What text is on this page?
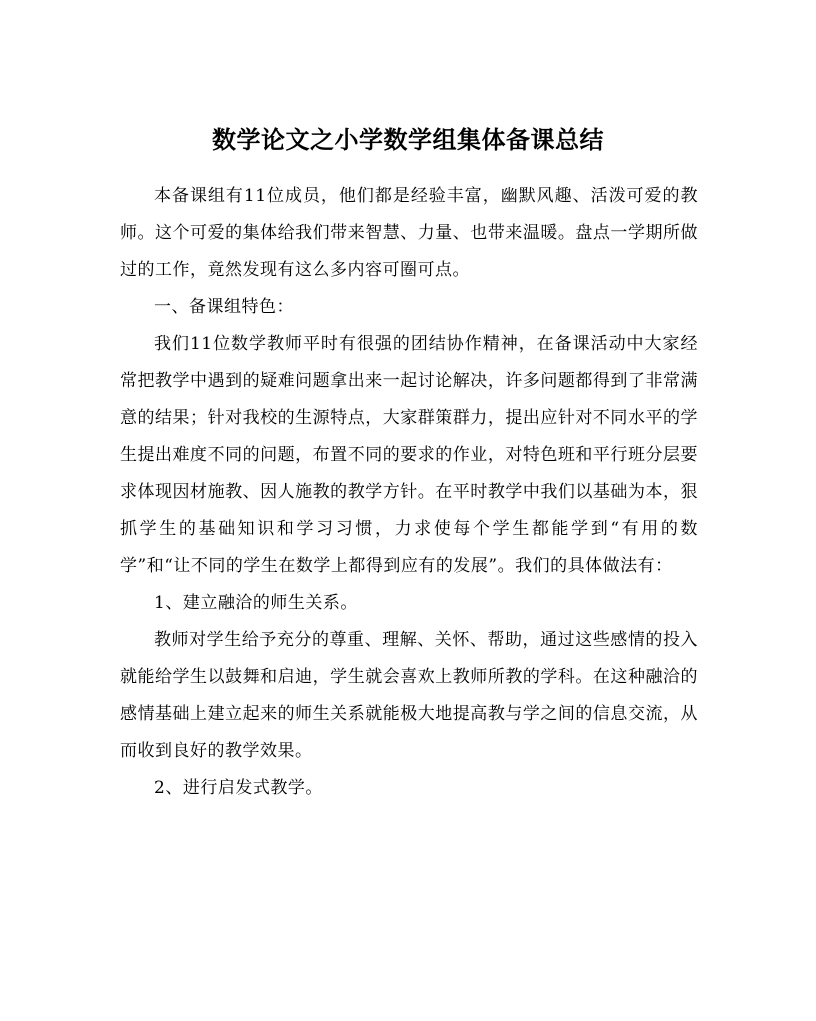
数学论文之小学数学组集体备课总结

本备课组有11位成员，他们都是经验丰富，幽默风趣、活泼可爱的教师。这个可爱的集体给我们带来智慧、力量、也带来温暖。盘点一学期所做过的工作，竟然发现有这么多内容可圈可点。

一、备课组特色：

我们11位数学教师平时有很强的团结协作精神，在备课活动中大家经常把教学中遇到的疑难问题拿出来一起讨论解决，许多问题都得到了非常满意的结果；针对我校的生源特点，大家群策群力，提出应针对不同水平的学生提出难度不同的问题，布置不同的要求的作业，对特色班和平行班分层要求体现因材施教、因人施教的教学方针。在平时教学中我们以基础为本，狠抓学生的基础知识和学习习惯，力求使每个学生都能学到“有用的数学”和“让不同的学生在数学上都得到应有的发展”。我们的具体做法有：

1、建立融洽的师生关系。

教师对学生给予充分的尊重、理解、关怀、帮助，通过这些感情的投入就能给学生以鼓舞和启迪，学生就会喜欢上教师所教的学科。在这种融洽的感情基础上建立起来的师生关系就能极大地提高教与学之间的信息交流，从而收到良好的教学效果。

2、进行启发式教学。
